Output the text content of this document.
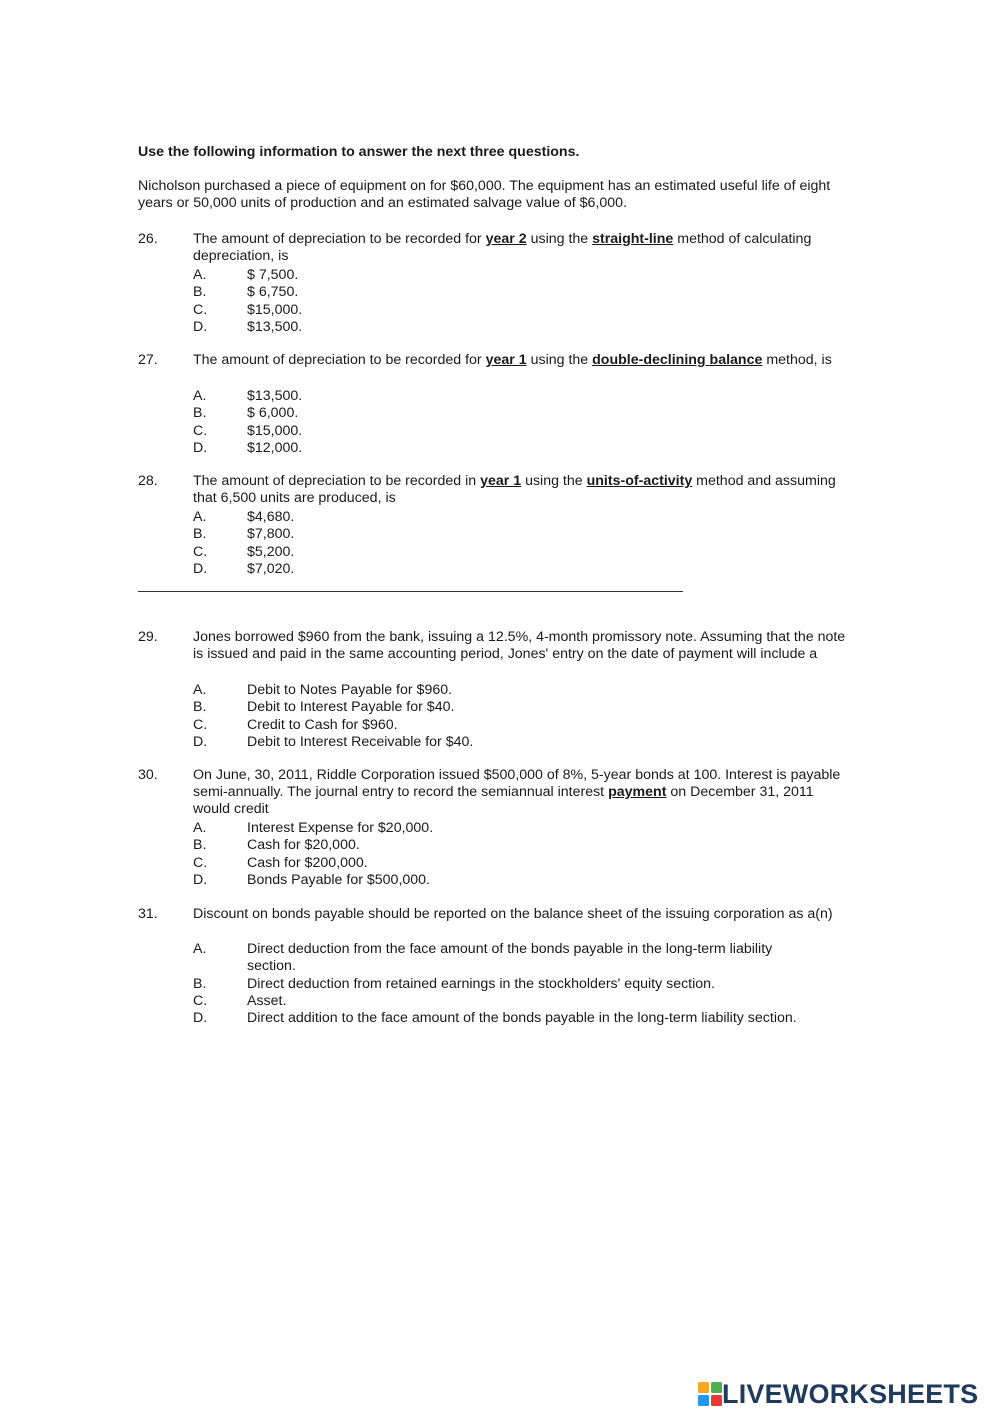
Use the following information to answer the next three questions.
Nicholson purchased a piece of equipment on for $60,000. The equipment has an estimated useful life of eight years or 50,000 units of production and an estimated salvage value of $6,000.
26. The amount of depreciation to be recorded for year 2 using the straight-line method of calculating depreciation, is
A.	$ 7,500.
B.	$ 6,750.
C.	$15,000.
D.	$13,500.
27. The amount of depreciation to be recorded for year 1 using the double-declining balance method, is
A.	$13,500.
B.	$ 6,000.
C.	$15,000.
D.	$12,000.
28. The amount of depreciation to be recorded in year 1 using the units-of-activity method and assuming that 6,500 units are produced, is
A.	$4,680.
B.	$7,800.
C.	$5,200.
D.	$7,020.
29. Jones borrowed $960 from the bank, issuing a 12.5%, 4-month promissory note. Assuming that the note is issued and paid in the same accounting period, Jones' entry on the date of payment will include a
A.	Debit to Notes Payable for $960.
B.	Debit to Interest Payable for $40.
C.	Credit to Cash for $960.
D.	Debit to Interest Receivable for $40.
30. On June, 30, 2011, Riddle Corporation issued $500,000 of 8%, 5-year bonds at 100. Interest is payable semi-annually. The journal entry to record the semiannual interest payment on December 31, 2011 would credit
A.	Interest Expense for $20,000.
B.	Cash for $20,000.
C.	Cash for $200,000.
D.	Bonds Payable for $500,000.
31. Discount on bonds payable should be reported on the balance sheet of the issuing corporation as a(n)
A.	Direct deduction from the face amount of the bonds payable in the long-term liability section.
B.	Direct deduction from retained earnings in the stockholders' equity section.
C.	Asset.
D.	Direct addition to the face amount of the bonds payable in the long-term liability section.
LIVEWORKSHEETS
